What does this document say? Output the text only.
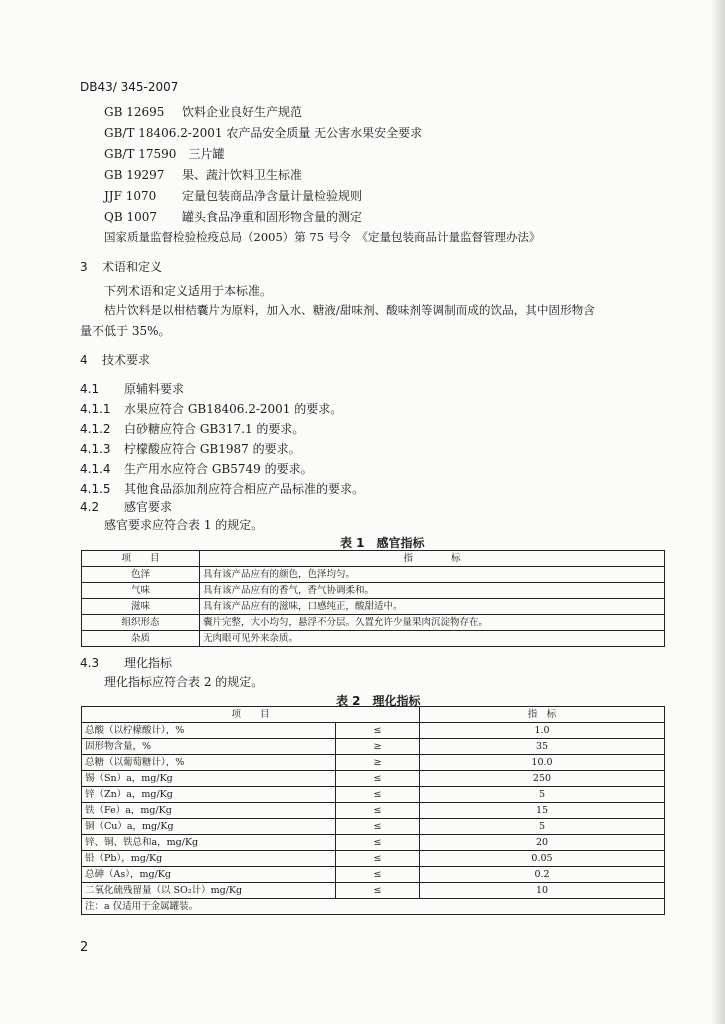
DB43/ 345-2007
GB 12695　 饮料企业良好生产规范
GB/T 18406.2-2001 农产品安全质量 无公害水果安全要求
GB/T 17590　 三片罐
GB 19297　 果、蔬汁饮料卫生标准
JJF 1070　 定量包装商品净含量计量检验规则
QB 1007　 罐头食品净重和固形物含量的测定
国家质量监督检验检疫总局（2005）第 75 号令　 《定量包装商品计量监督管理办法》
3 术语和定义
下列术语和定义适用于本标准。
桔片饮料是以柑桔囊片为原料，加入水、糖液/甜味剂、酸味剂等调制而成的饮品，其中固形物含
量不低于 35%。
4 技术要求
4.1 原辅料要求
4.1.1 水果应符合 GB18406.2-2001 的要求。
4.1.2 白砂糖应符合 GB317.1 的要求。
4.1.3 柠檬酸应符合 GB1987 的要求。
4.1.4 生产用水应符合 GB5749 的要求。
4.1.5 其他食品添加剂应符合相应产品标准的要求。
4.2 感官要求
感官要求应符合表 1 的规定。
表 1　感官指标
项　　目	指　　　　标
色泽	具有该产品应有的颜色，色泽均匀。
气味	具有该产品应有的香气，香气协调柔和。
滋味	具有该产品应有的滋味，口感纯正，酸甜适中。
组织形态	囊片完整，大小均匀，悬浮不分层。久置允许少量果肉沉淀物存在。
杂质	无肉眼可见外来杂质。
4.3 理化指标
理化指标应符合表 2 的规定。
表 2　理化指标
项　　目		指　标
总酸（以柠檬酸计），%	≤	1.0
固形物含量，%	≥	35
总糖（以葡萄糖计），%	≥	10.0
锡（Sn）a，mg/Kg	≤	250
锌（Zn）a，mg/Kg	≤	5
铁（Fe）a，mg/Kg	≤	15
铜（Cu）a，mg/Kg	≤	5
锌、铜、铁总和a，mg/Kg	≤	20
铅（Pb），mg/Kg	≤	0.05
总砷（As），mg/Kg	≤	0.2
二氧化硫残留量（以 SO₂计）mg/Kg	≤	10
注：a 仅适用于金属罐装。		
2
